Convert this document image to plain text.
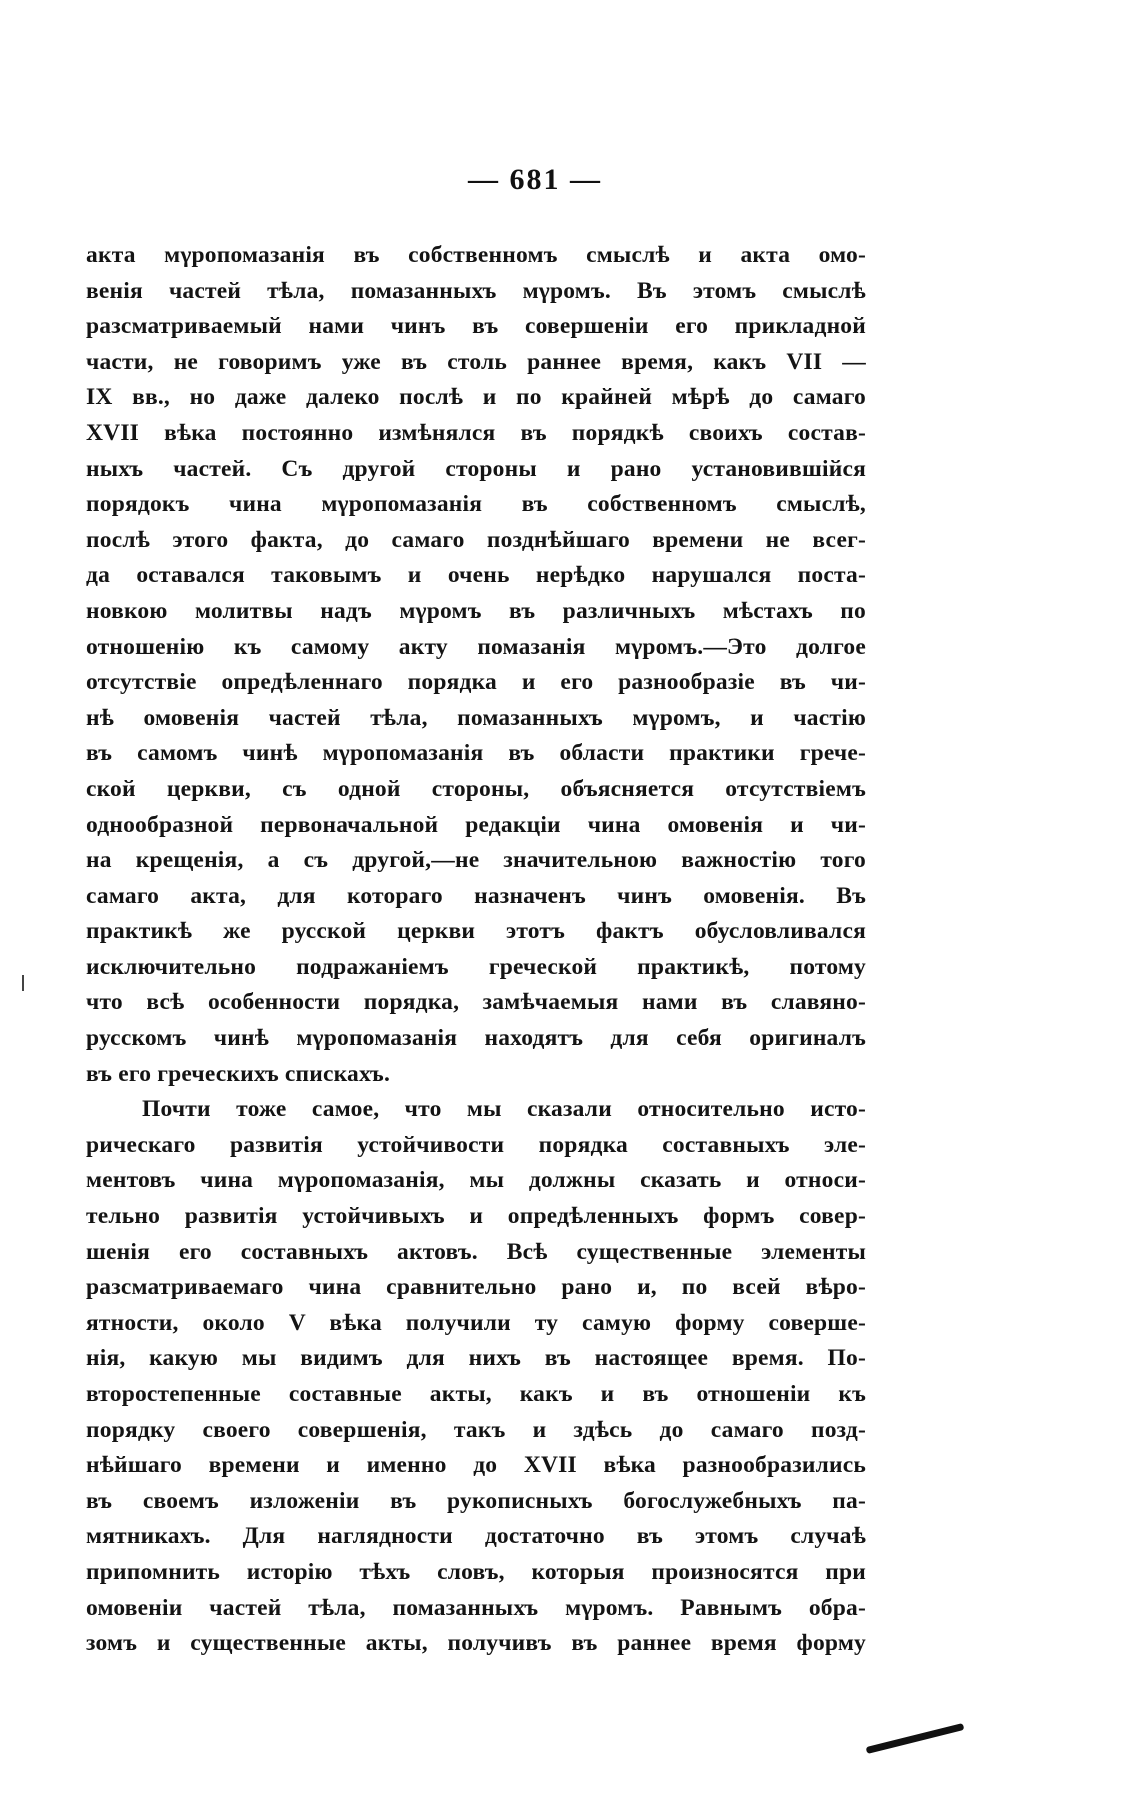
— 681 —
акта мγропомазанія въ собственномъ смыслѣ и акта омо-
венія частей тѣла, помазанныхъ мγромъ. Въ этомъ смыслѣ
разсматриваемый нами чинъ въ совершеніи его прикладной
части, не говоримъ уже въ столь раннее время, какъ VII —
IX вв., но даже далеко послѣ и по крайней мѣрѣ до самаго
XVII вѣка постоянно измѣнялся въ порядкѣ своихъ состав-
ныхъ частей. Съ другой стороны и рано установившійся
порядокъ чина мγропомазанія въ собственномъ смыслѣ,
послѣ этого факта, до самаго позднѣйшаго времени не всег-
да оставался таковымъ и очень нерѣдко нарушался поста-
новкою молитвы надъ мγромъ въ различныхъ мѣстахъ по
отношенію къ самому акту помазанія мγромъ.—Это долгое
отсутствіе опредѣленнаго порядка и его разнообразіе въ чи-
нѣ омовенія частей тѣла, помазанныхъ мγромъ, и частію
въ самомъ чинѣ мγропомазанія въ области практики грече-
ской церкви, съ одной стороны, объясняется отсутствіемъ
однообразной первоначальной редакціи чина омовенія и чи-
на крещенія, а съ другой,—не значительною важностію того
самаго акта, для котораго назначенъ чинъ омовенія. Въ
практикѣ же русской церкви этотъ фактъ обусловливался
исключительно подражаніемъ греческой практикѣ, потому
что всѣ особенности порядка, замѣчаемыя нами въ славяно-
русскомъ чинѣ мγропомазанія находятъ для себя оригиналъ
въ его греческихъ спискахъ.
Почти тоже самое, что мы сказали относительно исто-
рическаго развитія устойчивости порядка составныхъ эле-
ментовъ чина мγропомазанія, мы должны сказать и относи-
тельно развитія устойчивыхъ и опредѣленныхъ формъ совер-
шенія его составныхъ актовъ. Всѣ существенные элементы
разсматриваемаго чина сравнительно рано и, по всей вѣро-
ятности, около V вѣка получили ту самую форму соверше-
нія, какую мы видимъ для нихъ въ настоящее время. По-
второстепенные составные акты, какъ и въ отношеніи къ
порядку своего совершенія, такъ и здѣсь до самаго позд-
нѣйшаго времени и именно до XVII вѣка разнообразились
въ своемъ изложеніи въ рукописныхъ богослужебныхъ па-
мятникахъ. Для наглядности достаточно въ этомъ случаѣ
припомнить исторію тѣхъ словъ, которыя произносятся при
омовеніи частей тѣла, помазанныхъ мγромъ. Равнымъ обра-
зомъ и существенные акты, получивъ въ раннее время форму
